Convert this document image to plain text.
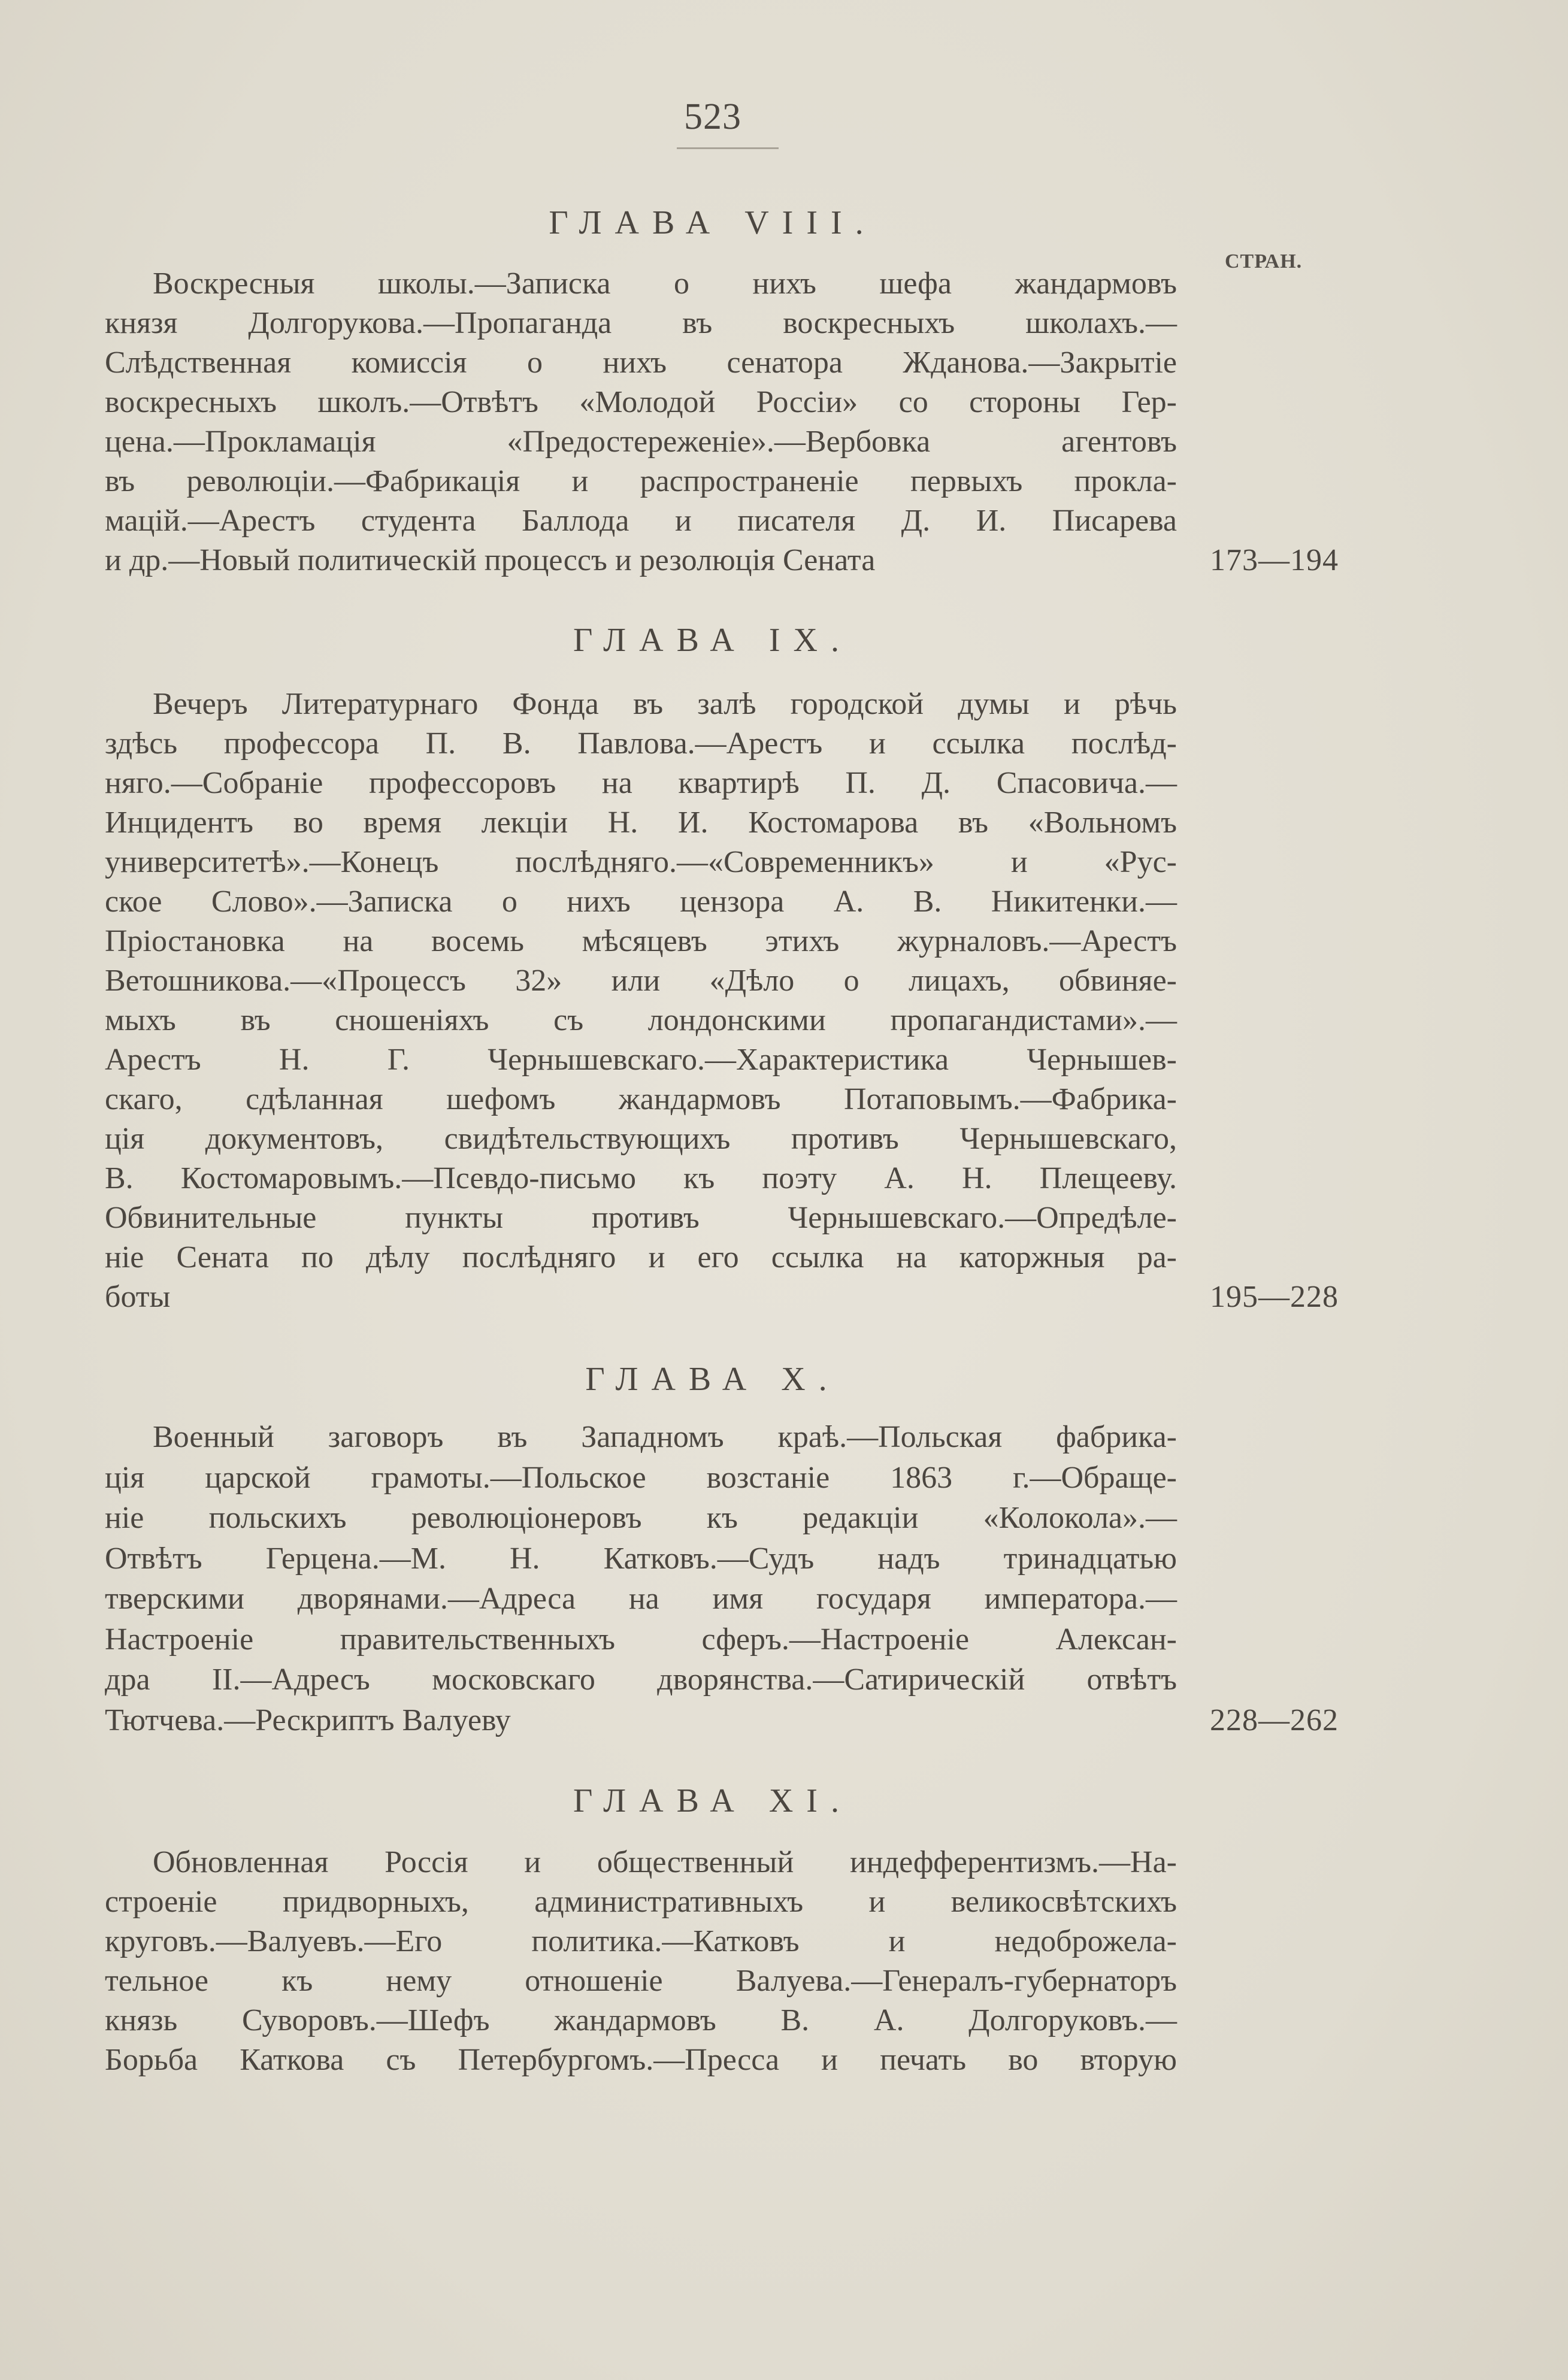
523
СТРАН.
ГЛАВА VIII.
Воскресныя школы.—Записка о нихъ шефа жандармовъ
князя Долгорукова.—Пропаганда въ воскресныхъ школахъ.—
Слѣдственная комиссія о нихъ сенатора Жданова.—Закрытіе
воскресныхъ школъ.—Отвѣтъ «Молодой Россіи» со стороны Гер-
цена.—Прокламація «Предостереженіе».—Вербовка агентовъ
въ революціи.—Фабрикація и распространеніе первыхъ прокла-
мацій.—Арестъ студента Баллода и писателя Д. И. Писарева
и др.—Новый политическій процессъ и резолюція Сената	173—194
ГЛАВА IX.
Вечеръ Литературнаго Фонда въ залѣ городской думы и рѣчь
здѣсь профессора П. В. Павлова.—Арестъ и ссылка послѣд-
няго.—Собраніе профессоровъ на квартирѣ П. Д. Спасовича.—
Инцидентъ во время лекціи Н. И. Костомарова въ «Вольномъ
университетѣ».—Конецъ послѣдняго.—«Современникъ» и «Рус-
ское Слово».—Записка о нихъ цензора А. В. Никитенки.—
Пріостановка на восемь мѣсяцевъ этихъ журналовъ.—Арестъ
Ветошникова.—«Процессъ 32» или «Дѣло о лицахъ, обвиняе-
мыхъ въ сношеніяхъ съ лондонскими пропагандистами».—
Арестъ Н. Г. Чернышевскаго.—Характеристика Чернышев-
скаго, сдѣланная шефомъ жандармовъ Потаповымъ.—Фабрика-
ція документовъ, свидѣтельствующихъ противъ Чернышевскаго,
В. Костомаровымъ.—Псевдо-письмо къ поэту А. Н. Плещееву.
Обвинительные пункты противъ Чернышевскаго.—Опредѣле-
ніе Сената по дѣлу послѣдняго и его ссылка на каторжныя ра-
боты	195—228
ГЛАВА X.
Военный заговоръ въ Западномъ краѣ.—Польская фабрика-
ція царской грамоты.—Польское возстаніе 1863 г.—Обраще-
ніе польскихъ революціонеровъ къ редакціи «Колокола».—
Отвѣтъ Герцена.—М. Н. Катковъ.—Судъ надъ тринадцатью
тверскими дворянами.—Адреса на имя государя императора.—
Настроеніе правительственныхъ сферъ.—Настроеніе Алексан-
дра II.—Адресъ московскаго дворянства.—Сатирическій отвѣтъ
Тютчева.—Рескриптъ Валуеву	228—262
ГЛАВА XI.
Обновленная Россія и общественный индефферентизмъ.—На-
строеніе придворныхъ, административныхъ и великосвѣтскихъ
круговъ.—Валуевъ.—Его политика.—Катковъ и недоброжела-
тельное къ нему отношеніе Валуева.—Генералъ-губернаторъ
князь Суворовъ.—Шефъ жандармовъ В. А. Долгоруковъ.—
Борьба Каткова съ Петербургомъ.—Пресса и печать во вторую
